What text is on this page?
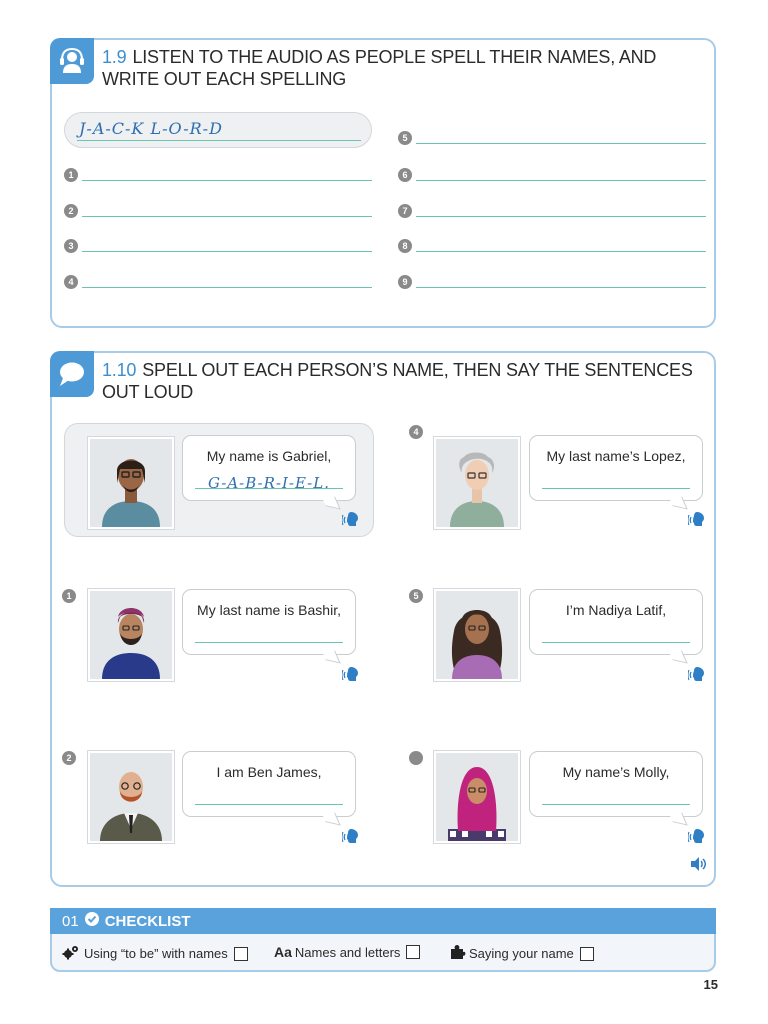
1.9 LISTEN TO THE AUDIO AS PEOPLE SPELL THEIR NAMES, AND WRITE OUT EACH SPELLING
J-A-C-K L-O-R-D
1
2
3
4
5
6
7
8
9
1.10 SPELL OUT EACH PERSON’S NAME, THEN SAY THE SENTENCES OUT LOUD
My name is Gabriel,
G-A-B-R-I-E-L.
4
My last name’s Lopez,
1
My last name is Bashir,
5
I’m Nadiya Latif,
2
I am Ben James,	My name’s Molly,
01 CHECKLIST
Using “to be” with names	Aa Names and letters	Saying your name
15
